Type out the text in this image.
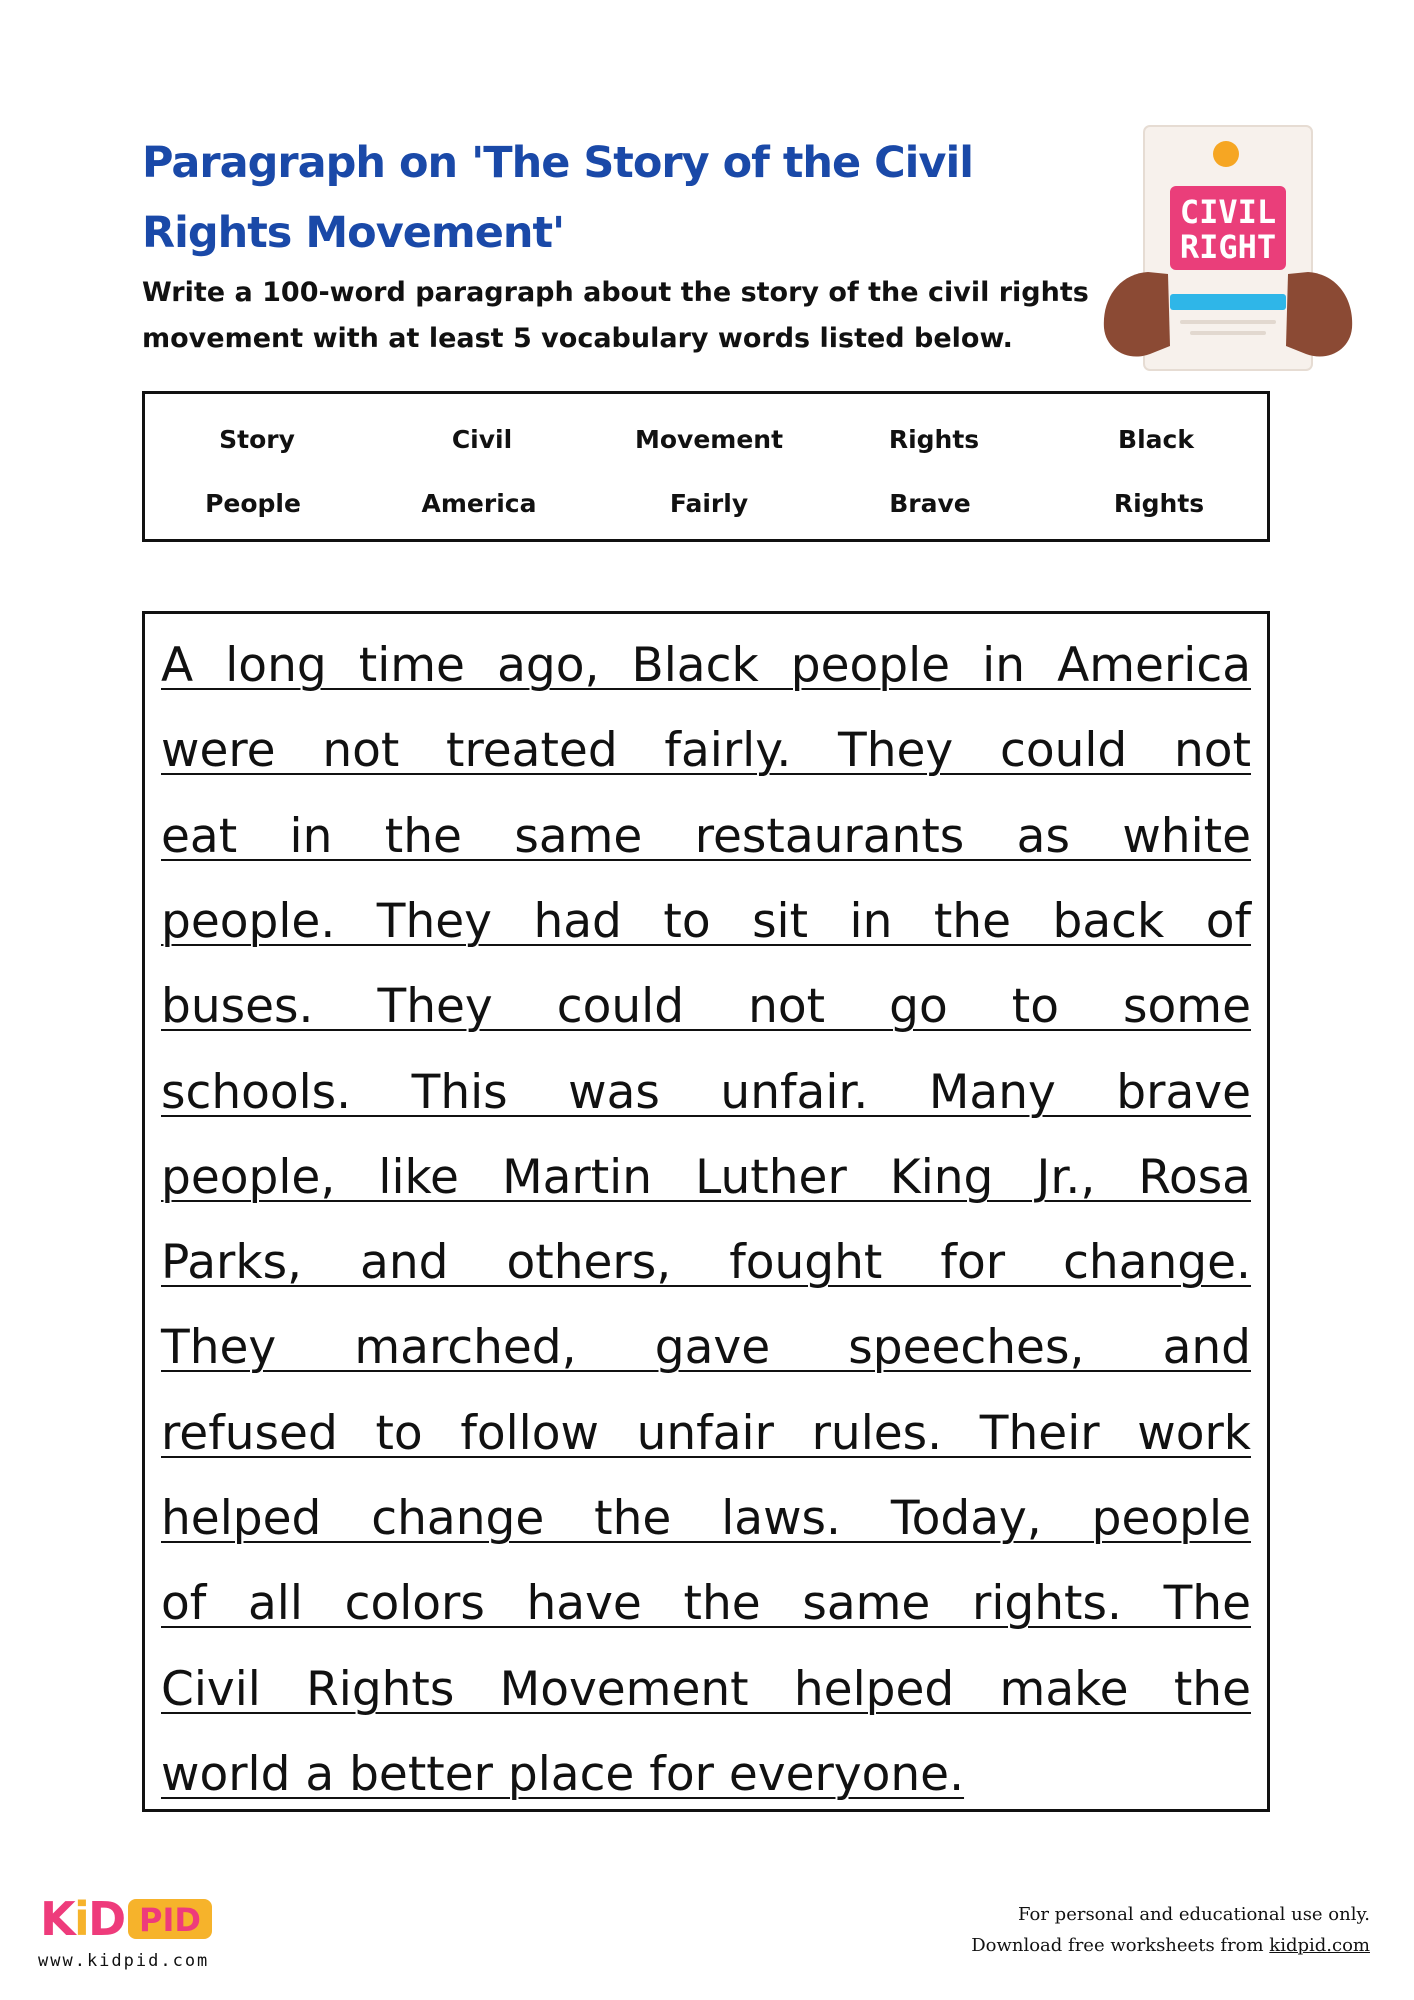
Paragraph on 'The Story of the Civil Rights Movement'	CIVIL
RIGHT

Write a 100-word paragraph about the story of the civil rights movement with at least 5 vocabulary words listed below.

Story	Civil	Movement	Rights	Black
People	America	Fairly	Brave	Rights

A long time ago, Black people in America

were not treated fairly. They could not

eat in the same restaurants as white

people. They had to sit in the back of

buses. They could not go to some

schools. This was unfair. Many brave

people, like Martin Luther King Jr., Rosa

Parks, and others, fought for change.

They marched, gave speeches, and

refused to follow unfair rules. Their work

helped change the laws. Today, people

of all colors have the same rights. The

Civil Rights Movement helped make the

world a better place for everyone.

K
i
D PID
www.kidpid.com
For personal and educational use only.
Download free worksheets from kidpid.com
